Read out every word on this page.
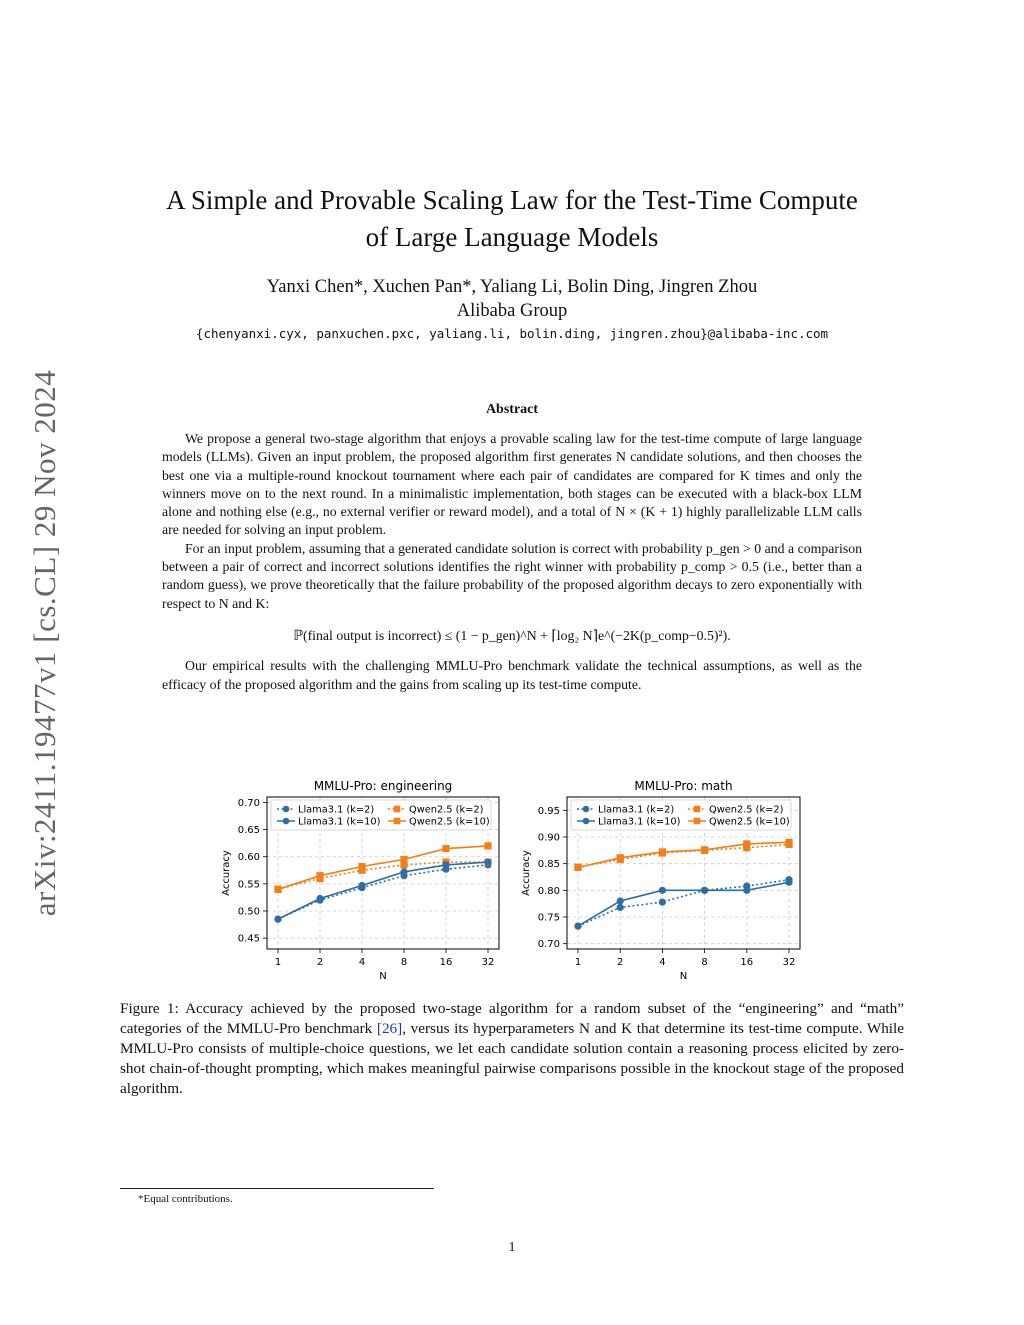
arXiv:2411.19477v1 [cs.CL] 29 Nov 2024
A Simple and Provable Scaling Law for the Test-Time Compute
of Large Language Models
Yanxi Chen*, Xuchen Pan*, Yaliang Li, Bolin Ding, Jingren Zhou
Alibaba Group
{chenyanxi.cyx, panxuchen.pxc, yaliang.li, bolin.ding, jingren.zhou}@alibaba-inc.com
Abstract

We propose a general two-stage algorithm that enjoys a provable scaling law for the test-time compute of large language models (LLMs). Given an input problem, the proposed algorithm first generates N candidate solutions, and then chooses the best one via a multiple-round knockout tournament where each pair of candidates are compared for K times and only the winners move on to the next round. In a minimalistic implementation, both stages can be executed with a black-box LLM alone and nothing else (e.g., no external verifier or reward model), and a total of N × (K + 1) highly parallelizable LLM calls are needed for solving an input problem.

For an input problem, assuming that a generated candidate solution is correct with probability p_gen > 0 and a comparison between a pair of correct and incorrect solutions identifies the right winner with probability p_comp > 0.5 (i.e., better than a random guess), we prove theoretically that the failure probability of the proposed algorithm decays to zero exponentially with respect to N and K:

ℙ(final output is incorrect) ≤ (1 − p_gen)^N + ⌈log₂ N⌉e^(−2K(p_comp−0.5)²).

Our empirical results with the challenging MMLU-Pro benchmark validate the technical assumptions, as well as the efficacy of the proposed algorithm and the gains from scaling up its test-time compute.

MMLU-Pro: engineering
1	2	4	8	16	32
0.45
0.50
0.55
0.60
0.65
0.70
N
Accuracy
Llama3.1 (k=2)	Qwen2.5 (k=2)
Llama3.1 (k=10)	Qwen2.5 (k=10)
MMLU-Pro: math
1	2	4	8	16	32
0.70
0.75
0.80
0.85
0.90
0.95
N
Accuracy
Llama3.1 (k=2)	Qwen2.5 (k=2)
Llama3.1 (k=10)	Qwen2.5 (k=10)
Figure 1: Accuracy achieved by the proposed two-stage algorithm for a random subset of the “engineering” and “math” categories of the MMLU-Pro benchmark [26], versus its hyperparameters N and K that determine its test-time compute. While MMLU-Pro consists of multiple-choice questions, we let each candidate solution contain a reasoning process elicited by zero-shot chain-of-thought prompting, which makes meaningful pairwise comparisons possible in the knockout stage of the proposed algorithm.
*Equal contributions.
1
